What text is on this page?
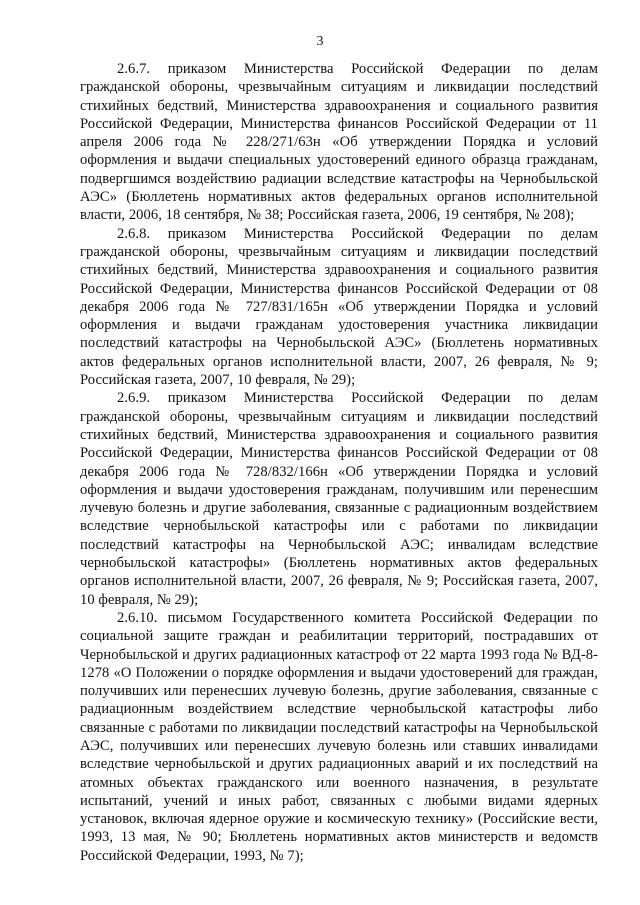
3

2.6.7. приказом Министерства Российской Федерации по делам гражданской обороны, чрезвычайным ситуациям и ликвидации последствий стихийных бедствий, Министерства здравоохранения и социального развития Российской Федерации, Министерства финансов Российской Федерации от 11 апреля 2006 года № 228/271/63н «Об утверждении Порядка и условий оформления и выдачи специальных удостоверений единого образца гражданам, подвергшимся воздействию радиации вследствие катастрофы на Чернобыльской АЭС» (Бюллетень нормативных актов федеральных органов исполнительной власти, 2006, 18 сентября, № 38; Российская газета, 2006, 19 сентября, № 208);

2.6.8. приказом Министерства Российской Федерации по делам гражданской обороны, чрезвычайным ситуациям и ликвидации последствий стихийных бедствий, Министерства здравоохранения и социального развития Российской Федерации, Министерства финансов Российской Федерации от 08 декабря 2006 года № 727/831/165н «Об утверждении Порядка и условий оформления и выдачи гражданам удостоверения участника ликвидации последствий катастрофы на Чернобыльской АЭС» (Бюллетень нормативных актов федеральных органов исполнительной власти, 2007, 26 февраля, № 9; Российская газета, 2007, 10 февраля, № 29);

2.6.9. приказом Министерства Российской Федерации по делам гражданской обороны, чрезвычайным ситуациям и ликвидации последствий стихийных бедствий, Министерства здравоохранения и социального развития Российской Федерации, Министерства финансов Российской Федерации от 08 декабря 2006 года № 728/832/166н «Об утверждении Порядка и условий оформления и выдачи удостоверения гражданам, получившим или перенесшим лучевую болезнь и другие заболевания, связанные с радиационным воздействием вследствие чернобыльской катастрофы или с работами по ликвидации последствий катастрофы на Чернобыльской АЭС; инвалидам вследствие чернобыльской катастрофы» (Бюллетень нормативных актов федеральных органов исполнительной власти, 2007, 26 февраля, № 9; Российская газета, 2007, 10 февраля, № 29);

2.6.10. письмом Государственного комитета Российской Федерации по социальной защите граждан и реабилитации территорий, пострадавших от Чернобыльской и других радиационных катастроф от 22 марта 1993 года № ВД-8-1278 «О Положении о порядке оформления и выдачи удостоверений для граждан, получивших или перенесших лучевую болезнь, другие заболевания, связанные с радиационным воздействием вследствие чернобыльской катастрофы либо связанные с работами по ликвидации последствий катастрофы на Чернобыльской АЭС, получивших или перенесших лучевую болезнь или ставших инвалидами вследствие чернобыльской и других радиационных аварий и их последствий на атомных объектах гражданского или военного назначения, в результате испытаний, учений и иных работ, связанных с любыми видами ядерных установок, включая ядерное оружие и космическую технику» (Российские вести, 1993, 13 мая, № 90; Бюллетень нормативных актов министерств и ведомств Российской Федерации, 1993, № 7);
